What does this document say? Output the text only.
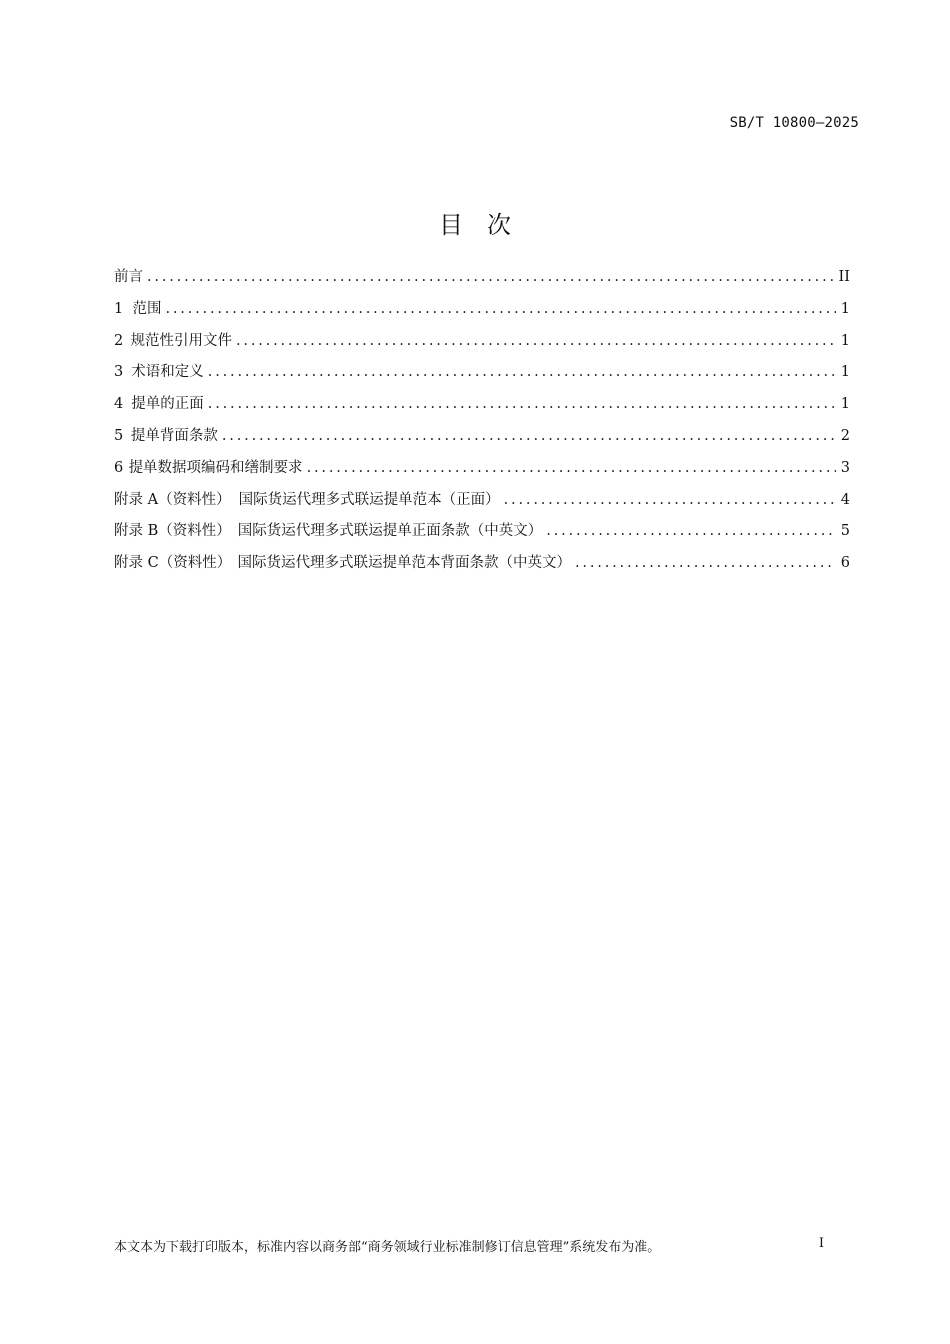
SB/T 10800—2025
目次
前言 . . .	II
1 范围 . . .	1
2 规范性引用文件 . . .	1
3 术语和定义 . . .	1
4 提单的正面 . . .	1
5 提单背面条款 . . .	2
6 提单数据项编码和缮制要求 . . .	3
附录 A（资料性） 国际货运代理多式联运提单范本（正面） . . .	4
附录 B（资料性） 国际货运代理多式联运提单正面条款（中英文） . . .	5
附录 C（资料性） 国际货运代理多式联运提单范本背面条款（中英文） . . .	6
本文本为下载打印版本，标准内容以商务部“商务领域行业标准制修订信息管理”系统发布为准。	I
